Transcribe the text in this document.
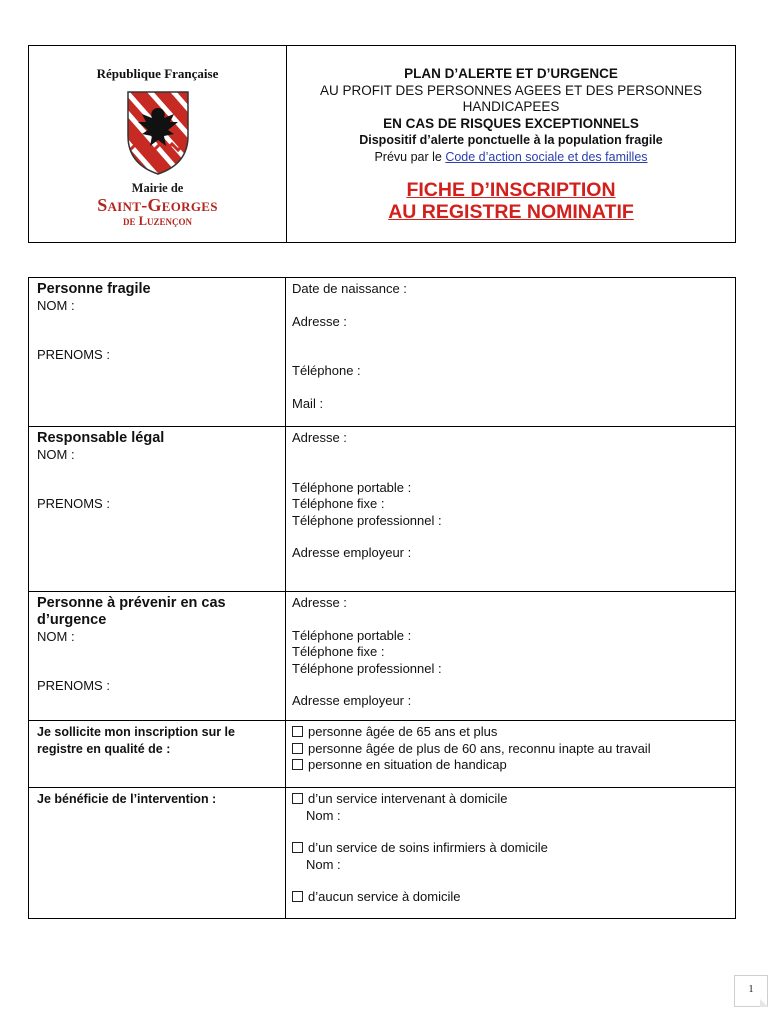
République Française
Mairie de
Saint-Georges
de Luzençon
PLAN D’ALERTE ET D’URGENCE
AU PROFIT DES PERSONNES AGEES ET DES PERSONNES HANDICAPEES
EN CAS DE RISQUES EXCEPTIONNELS
Dispositif d’alerte ponctuelle à la population fragile
Prévu par le Code d’action sociale et des familles
FICHE D’INSCRIPTION
AU REGISTRE NOMINATIF
Personne fragile
NOM :
PRENOMS :
Date de naissance :
Adresse :
Téléphone :
Mail :
Responsable légal
NOM :
PRENOMS :
Adresse :
Téléphone portable :
Téléphone fixe :
Téléphone professionnel :
Adresse employeur :
Personne à prévenir en cas d’urgence
NOM :
PRENOMS :
Adresse :
Téléphone portable :
Téléphone fixe :
Téléphone professionnel :
Adresse employeur :
Je sollicite mon inscription sur le registre en qualité de :
personne âgée de 65 ans et plus
personne âgée de plus de 60 ans, reconnu inapte au travail
personne en situation de handicap
Je bénéficie de l’intervention :	d’un service intervenant à domicile
Nom :
d’un service de soins infirmiers à domicile
Nom :
d’aucun service à domicile
1
